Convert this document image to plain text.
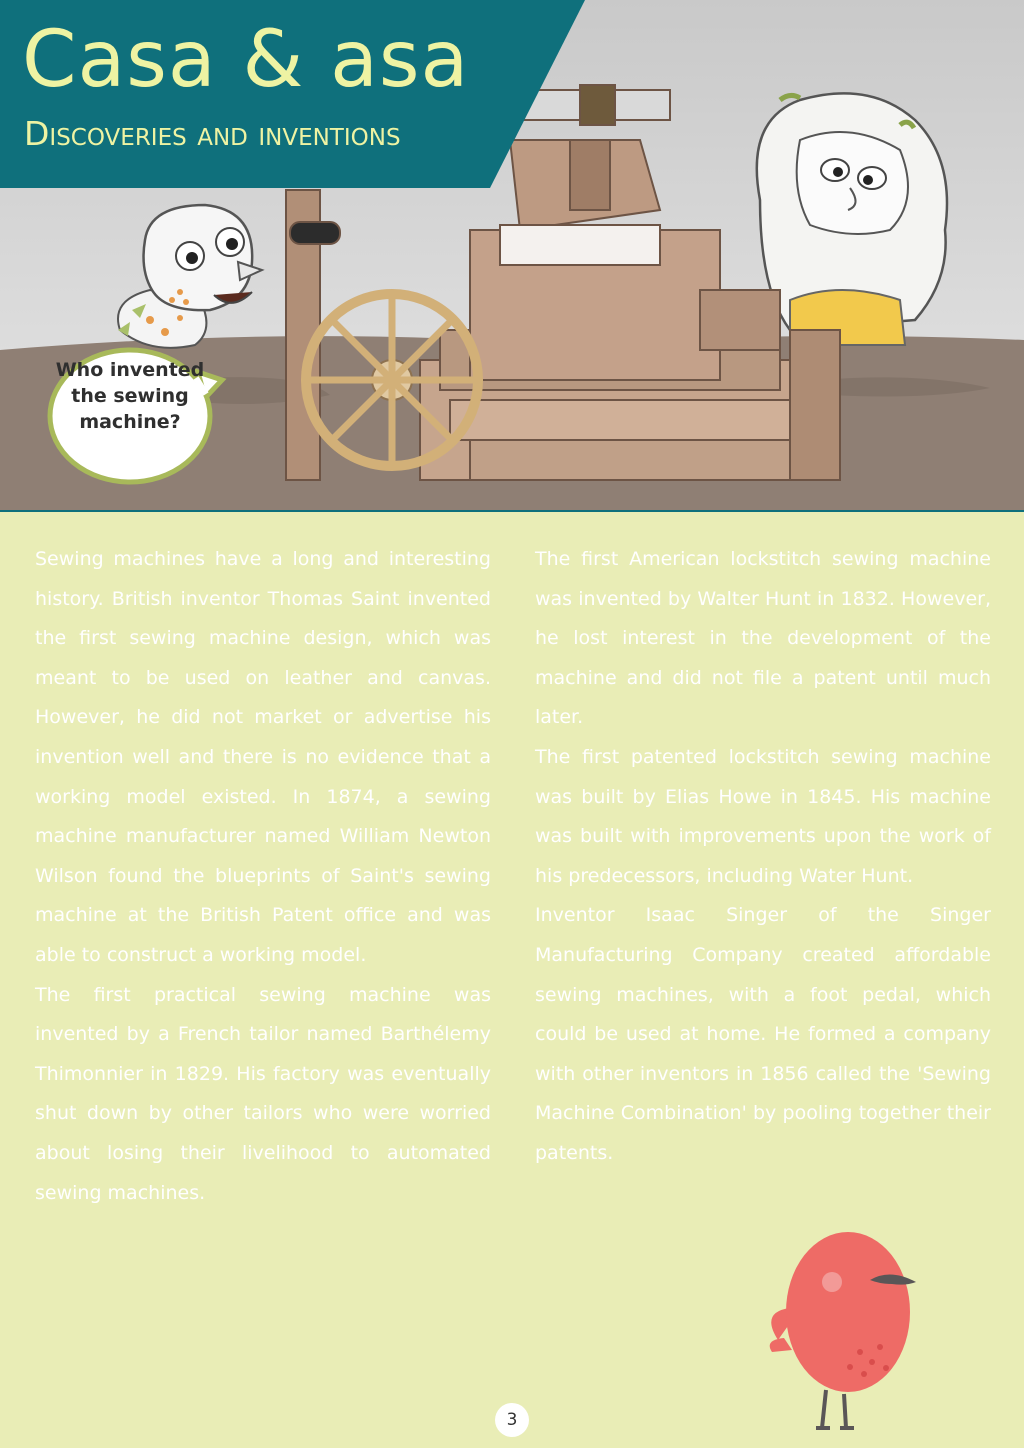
Casa & asa
Discoveries and inventions
Who invented the sewing machine?

Sewing machines have a long and interesting history. British inventor Thomas Saint invented the first sewing machine design, which was meant to be used on leather and canvas. However, he did not market or advertise his invention well and there is no evidence that a working model existed. In 1874, a sewing machine manufacturer named William Newton Wilson found the blueprints of Saint's sewing machine at the British Patent office and was able to construct a working model.

The first practical sewing machine was invented by a French tailor named Barthélemy Thimonnier in 1829. His factory was eventually shut down by other tailors who were worried about losing their livelihood to automated sewing machines.

The first American lockstitch sewing machine was invented by Walter Hunt in 1832. However, he lost interest in the development of the machine and did not file a patent until much later.

The first patented lockstitch sewing machine was built by Elias Howe in 1845. His machine was built with improvements upon the work of his predecessors, including Water Hunt.

Inventor Isaac Singer of the Singer Manufacturing Company created affordable sewing machines, with a foot pedal, which could be used at home. He formed a company with other inventors in 1856 called the 'Sewing Machine Combination' by pooling together their patents.

3
